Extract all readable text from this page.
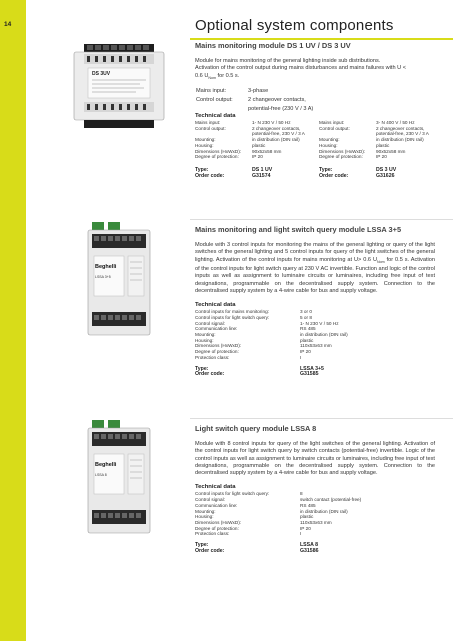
14	Optional system components
DS 3UV
Mains monitoring module DS 1 UV / DS 3 UV

Module for mains monitoring of the general lighting inside sub distributions.
Activation of the control output during mains disturbances and mains failures with U <
0.6 $U_{Nom}$ for 0.5 s.

Mains input:	3-phase
Control output:	2 changeover contacts,
	potential-free (230 V / 3 A)
Technical data
Mains input:	1- N 230 V / 50 Hz
Control output:	2 changeover contacts,
	potential-free, 230 V / 3 A
Mounting:	in distribution (DIN rail)
Housing:	plastic
Dimensions (HxWxD):	90x52x58 mm
Degree of protection:	IP 20

Type:	DS 1 UV
Order code:	G31574
Mains input:	3- N 400 V / 50 Hz
Control output:	2 changeover contacts,
	potential-free, 230 V / 3 A
Mounting:	in distribution (DIN rail)
Housing:	plastic
Dimensions (HxWxD):	90x52x58 mm
Degree of protection:	IP 20

Type:	DS 3 UV
Order code:	G31626
Beghelli
LSSA 3+5
Mains monitoring and light switch query module LSSA 3+5

Module with 3 control inputs for monitoring the mains of the general lighting or query of the light switches of the general lighting and 5 control inputs for query of the light switches of the general lighting. Activation of the control inputs for mains monitoring at U> 0.6 $U_{Nom}$ for 0.5 s. Activation of the control inputs for light switch query at 230 V AC invertible. Function and logic of the control inputs as well as assignment to luminaire circuits or luminaires, including free input of text designations, programmable on the decentralised supply system. Connection to the decentralised supply system by a 4-wire cable for bus and supply voltage.

Technical data
Control inputs for mains monitoring:	3 or 0
Control inputs for light switch query:	5 or 8
Control signal:	1- N 230 V / 50 Hz
Communication line:	RS 485
Mounting:	in distribution (DIN rail)
Housing:	plastic
Dimensions (HxWxD):	110x53x63 mm
Degree of protection:	IP 20
Protection class:	I

Type:	LSSA 3+5
Order code:	G31585
Beghelli
LSSA 8
Light switch query module LSSA 8

Module with 8 control inputs for query of the light switches of the general lighting. Activation of the control inputs for light switch query by switch contacts (potential-free) invertible. Logic of the control inputs as well as assignment to luminaire circuits or luminaires, including free input of text designations, programmable on the decentralised supply system. Connection to the decentralised supply system by a 4-wire cable for bus and supply voltage.

Technical data
Control inputs for light switch query:	8
Control signal:	switch contact (potential-free)
Communication line:	RS 485
Mounting:	in distribution (DIN rail)
Housing:	plastic
Dimensions (HxWxD):	110x53x63 mm
Degree of protection:	IP 20
Protection class:	I

Type:	LSSA 8
Order code:	G31586
